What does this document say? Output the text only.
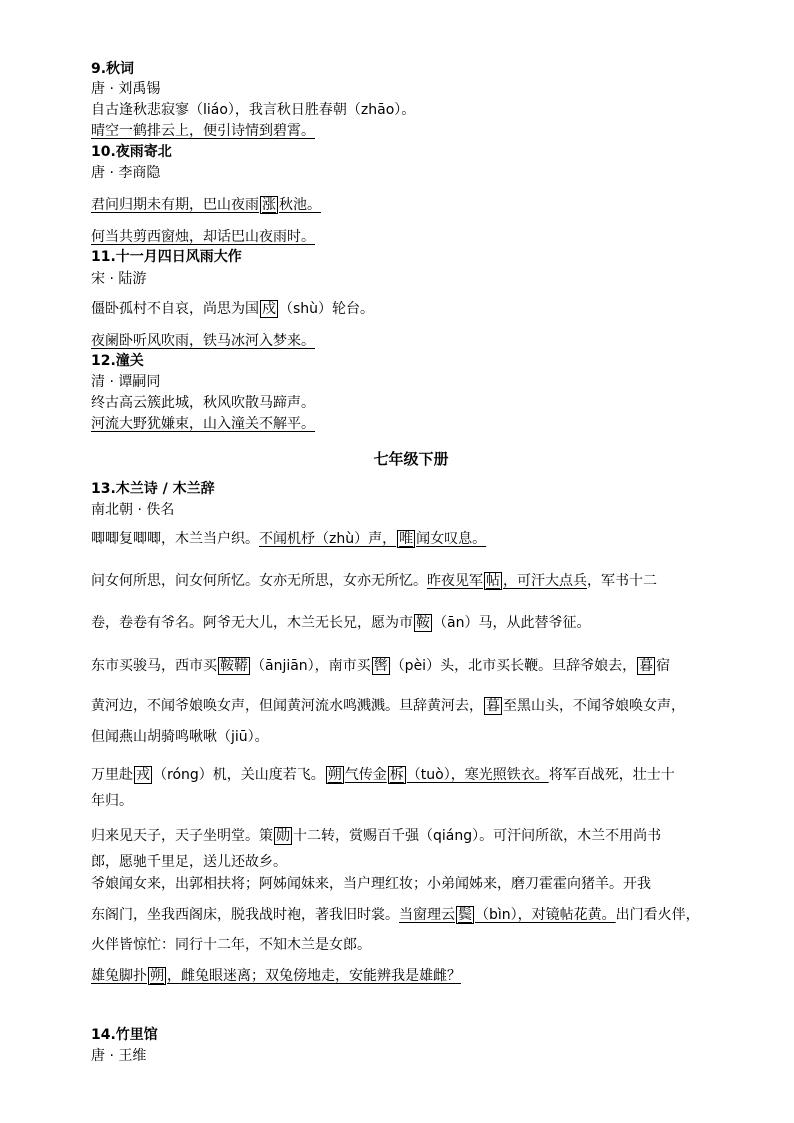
9.秋词
唐 · 刘禹锡
自古逢秋悲寂寥（liáo），我言秋日胜春朝（zhāo）。
晴空一鹤排云上，便引诗情到碧霄。
10.夜雨寄北
唐 · 李商隐
君问归期未有期，巴山夜雨 涨 秋池。
何当共剪西窗烛，却话巴山夜雨时。
11.十一月四日风雨大作
宋 · 陆游
僵卧孤村不自哀，尚思为国 戍 （shù）轮台。
夜阑卧听风吹雨，铁马冰河入梦来。
12.潼关
清 · 谭嗣同
终古高云簇此城，秋风吹散马蹄声。
河流大野犹嫌束，山入潼关不解平。
七年级下册
13.木兰诗 / 木兰辞
南北朝 · 佚名
唧唧复唧唧，木兰当户织。不闻机杼（zhù）声， 唯 闻女叹息。
问女何所思，问女何所忆。女亦无所思，女亦无所忆。昨夜见军 帖 ，可汗大点兵，军书十二
卷，卷卷有爷名。阿爷无大儿，木兰无长兄，愿为市 鞍 （ān）马，从此替爷征。
东市买骏马，西市买 鞍鞯 （ānjiān），南市买 辔 （pèi）头，北市买长鞭。旦辞爷娘去， 暮 宿
黄河边，不闻爷娘唤女声，但闻黄河流水鸣溅溅。旦辞黄河去， 暮 至黑山头，不闻爷娘唤女声，
但闻燕山胡骑鸣啾啾（jiū）。
万里赴 戎 （róng）机，关山度若飞。 朔 气传金 柝 （tuò），寒光照铁衣。将军百战死，壮士十
年归。
归来见天子，天子坐明堂。策 勋 十二转，赏赐百千强（qiáng）。可汗问所欲，木兰不用尚书
郎，愿驰千里足，送儿还故乡。
爷娘闻女来，出郭相扶将；阿姊闻妹来，当户理红妆；小弟闻姊来，磨刀霍霍向猪羊。开我
东阁门，坐我西阁床，脱我战时袍，著我旧时裳。当窗理云 鬓 （bìn），对镜帖花黄。出门看火伴，
火伴皆惊忙：同行十二年，不知木兰是女郎。
雄兔脚扑 朔 ，雌兔眼迷离；双兔傍地走，安能辨我是雄雌？
14.竹里馆
唐 · 王维
